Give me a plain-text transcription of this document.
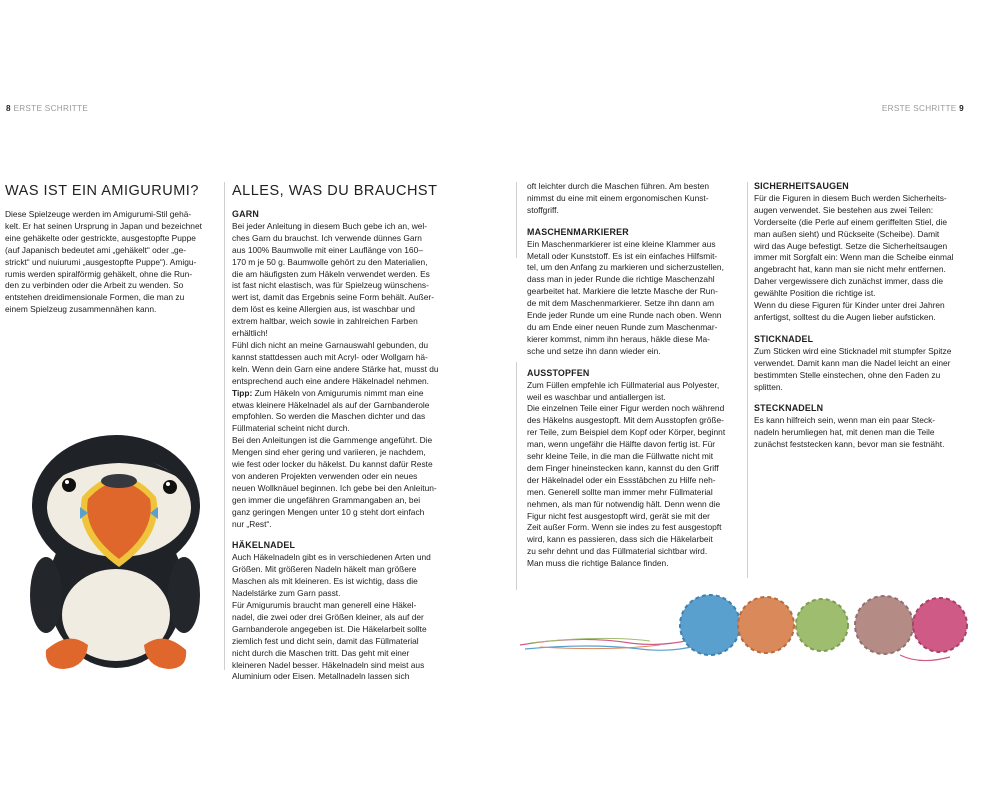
8 ERSTE SCHRITTE	ERSTE SCHRITTE 9
WAS IST EIN AMIGURUMI?
Diese Spielzeuge werden im Amigurumi-Stil gehä-
kelt. Er hat seinen Ursprung in Japan und bezeichnet
eine gehäkelte oder gestrickte, ausgestopfte Puppe
(auf Japanisch bedeutet ami „gehäkelt“ oder „ge-
strickt“ und nuiurumi „ausgestopfte Puppe“). Amigu-
rumis werden spiralförmig gehäkelt, ohne die Run-
den zu verbinden oder die Arbeit zu wenden. So
entstehen dreidimensionale Formen, die man zu
einem Spielzeug zusammennähen kann.
ALLES, WAS DU BRAUCHST
GARN
Bei jeder Anleitung in diesem Buch gebe ich an, wel-
ches Garn du brauchst. Ich verwende dünnes Garn
aus 100% Baumwolle mit einer Lauflänge von 160–
170 m je 50 g. Baumwolle gehört zu den Materialien,
die am häufigsten zum Häkeln verwendet werden. Es
ist fast nicht elastisch, was für Spielzeug wünschens-
wert ist, damit das Ergebnis seine Form behält. Außer-
dem löst es keine Allergien aus, ist waschbar und
extrem haltbar, weich sowie in zahlreichen Farben
erhältlich!
Fühl dich nicht an meine Garnauswahl gebunden, du
kannst stattdessen auch mit Acryl- oder Wollgarn hä-
keln. Wenn dein Garn eine andere Stärke hat, musst du
entsprechend auch eine andere Häkelnadel nehmen.
Tipp: Zum Häkeln von Amigurumis nimmt man eine
etwas kleinere Häkelnadel als auf der Garnbanderole
empfohlen. So werden die Maschen dichter und das
Füllmaterial scheint nicht durch.
Bei den Anleitungen ist die Garnmenge angeführt. Die
Mengen sind eher gering und variieren, je nachdem,
wie fest oder locker du häkelst. Du kannst dafür Reste
von anderen Projekten verwenden oder ein neues
neuen Wollknäuel beginnen. Ich gebe bei den Anleitun-
gen immer die ungefähren Grammangaben an, bei
ganz geringen Mengen unter 10 g steht dort einfach
nur „Rest“.
HÄKELNADEL
Auch Häkelnadeln gibt es in verschiedenen Arten und
Größen. Mit größeren Nadeln häkelt man größere
Maschen als mit kleineren. Es ist wichtig, dass die
Nadelstärke zum Garn passt.
Für Amigurumis braucht man generell eine Häkel-
nadel, die zwei oder drei Größen kleiner, als auf der
Garnbanderole angegeben ist. Die Häkelarbeit sollte
ziemlich fest und dicht sein, damit das Füllmaterial
nicht durch die Maschen tritt. Das geht mit einer
kleineren Nadel besser. Häkelnadeln sind meist aus
Aluminium oder Eisen. Metallnadeln lassen sich
oft leichter durch die Maschen führen. Am besten
nimmst du eine mit einem ergonomischen Kunst-
stoffgriff.
MASCHENMARKIERER
Ein Maschenmarkierer ist eine kleine Klammer aus
Metall oder Kunststoff. Es ist ein einfaches Hilfsmit-
tel, um den Anfang zu markieren und sicherzustellen,
dass man in jeder Runde die richtige Maschenzahl
gearbeitet hat. Markiere die letzte Masche der Run-
de mit dem Maschenmarkierer. Setze ihn dann am
Ende jeder Runde um eine Runde nach oben. Wenn
du am Ende einer neuen Runde zum Maschenmar-
kierer kommst, nimm ihn heraus, häkle diese Ma-
sche und setze ihn dann wieder ein.
AUSSTOPFEN
Zum Füllen empfehle ich Füllmaterial aus Polyester,
weil es waschbar und antiallergen ist.
Die einzelnen Teile einer Figur werden noch während
des Häkelns ausgestopft. Mit dem Ausstopfen größe-
rer Teile, zum Beispiel dem Kopf oder Körper, beginnt
man, wenn ungefähr die Hälfte davon fertig ist. Für
sehr kleine Teile, in die man die Füllwatte nicht mit
dem Finger hineinstecken kann, kannst du den Griff
der Häkelnadel oder ein Essstäbchen zu Hilfe neh-
men. Generell sollte man immer mehr Füllmaterial
nehmen, als man für notwendig hält. Denn wenn die
Figur nicht fest ausgestopft wird, gerät sie mit der
Zeit außer Form. Wenn sie indes zu fest ausgestopft
wird, kann es passieren, dass sich die Häkelarbeit
zu sehr dehnt und das Füllmaterial sichtbar wird.
Man muss die richtige Balance finden.
SICHERHEITSAUGEN
Für die Figuren in diesem Buch werden Sicherheits-
augen verwendet. Sie bestehen aus zwei Teilen:
Vorderseite (die Perle auf einem geriffelten Stiel, die
man außen sieht) und Rückseite (Scheibe). Damit
wird das Auge befestigt. Setze die Sicherheitsaugen
immer mit Sorgfalt ein: Wenn man die Scheibe einmal
angebracht hat, kann man sie nicht mehr entfernen.
Daher vergewissere dich zunächst immer, dass die
gewählte Position die richtige ist.
Wenn du diese Figuren für Kinder unter drei Jahren
anfertigst, solltest du die Augen lieber aufsticken.
STICKNADEL
Zum Sticken wird eine Sticknadel mit stumpfer Spitze
verwendet. Damit kann man die Nadel leicht an einer
bestimmten Stelle einstechen, ohne den Faden zu
splitten.
STECKNADELN
Es kann hilfreich sein, wenn man ein paar Steck-
nadeln herumliegen hat, mit denen man die Teile
zunächst feststecken kann, bevor man sie festnäht.
